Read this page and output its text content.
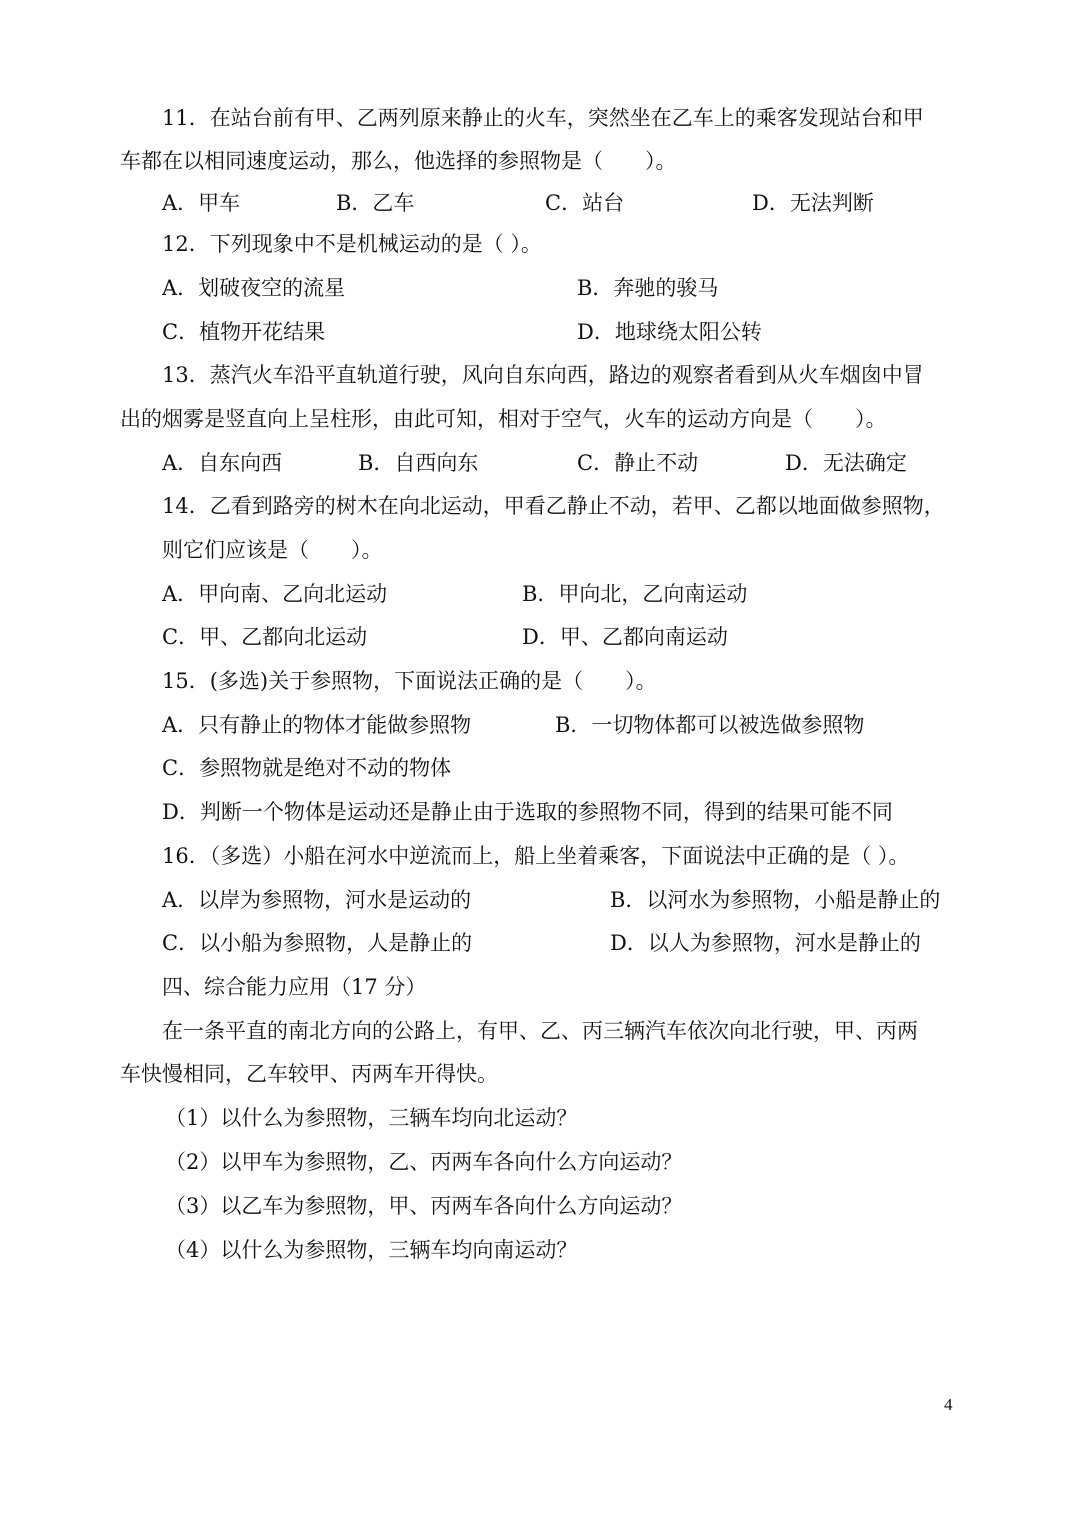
11．在站台前有甲、乙两列原来静止的火车，突然坐在乙车上的乘客发现站台和甲
车都在以相同速度运动，那么，他选择的参照物是（　　）。
A．甲车	B．乙车	C．站台	D．无法判断
12．下列现象中不是机械运动的是（ ）。
A．划破夜空的流星	B．奔驰的骏马
C．植物开花结果	D．地球绕太阳公转
13．蒸汽火车沿平直轨道行驶，风向自东向西，路边的观察者看到从火车烟囱中冒
出的烟雾是竖直向上呈柱形，由此可知，相对于空气，火车的运动方向是（　　）。
A．自东向西	B．自西向东	C．静止不动	D．无法确定
14．乙看到路旁的树木在向北运动，甲看乙静止不动，若甲、乙都以地面做参照物，
则它们应该是（　　）。
A．甲向南、乙向北运动	B．甲向北，乙向南运动
C．甲、乙都向北运动	D．甲、乙都向南运动
15．(多选)关于参照物，下面说法正确的是（　　）。
A．只有静止的物体才能做参照物	B．一切物体都可以被选做参照物
C．参照物就是绝对不动的物体
D．判断一个物体是运动还是静止由于选取的参照物不同，得到的结果可能不同
16．（多选）小船在河水中逆流而上，船上坐着乘客，下面说法中正确的是（ ）。
A．以岸为参照物，河水是运动的	B．以河水为参照物，小船是静止的
C．以小船为参照物，人是静止的	D．以人为参照物，河水是静止的
四、综合能力应用（17 分）
在一条平直的南北方向的公路上，有甲、乙、丙三辆汽车依次向北行驶，甲、丙两
车快慢相同，乙车较甲、丙两车开得快。
（1）以什么为参照物，三辆车均向北运动？
（2）以甲车为参照物，乙、丙两车各向什么方向运动？
（3）以乙车为参照物，甲、丙两车各向什么方向运动？
（4）以什么为参照物，三辆车均向南运动？
4
